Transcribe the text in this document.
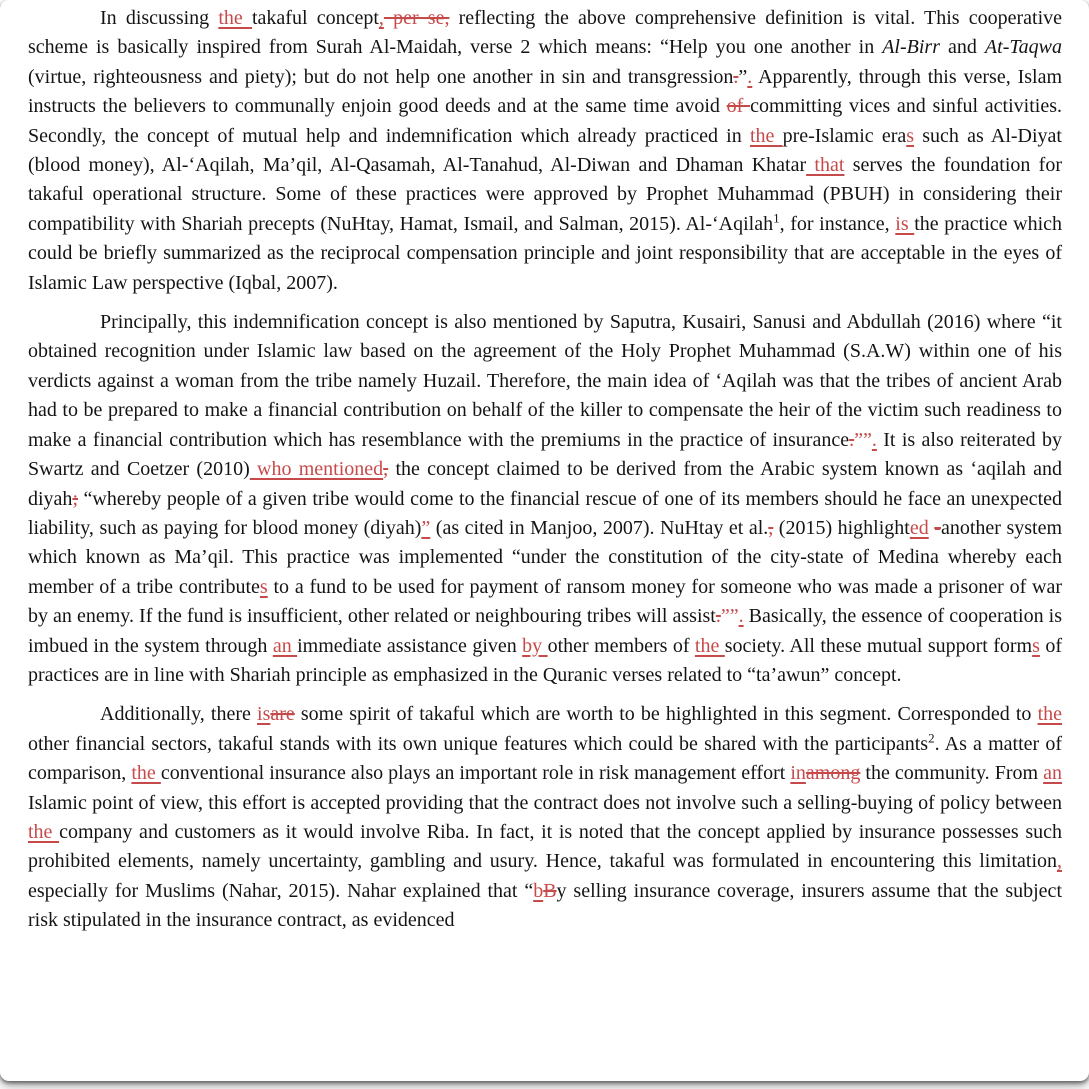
In discussing the takaful concept, per se, reflecting the above comprehensive definition is vital. This cooperative scheme is basically inspired from Surah Al-Maidah, verse 2 which means: “Help you one another in Al-Birr and At-Taqwa (virtue, righteousness and piety); but do not help one another in sin and transgression.”. Apparently, through this verse, Islam instructs the believers to communally enjoin good deeds and at the same time avoid of committing vices and sinful activities. Secondly, the concept of mutual help and indemnification which already practiced in the pre-Islamic eras such as Al-Diyat (blood money), Al-‘Aqilah, Ma’qil, Al-Qasamah, Al-Tanahud, Al-Diwan and Dhaman Khatar that serves the foundation for takaful operational structure. Some of these practices were approved by Prophet Muhammad (PBUH) in considering their compatibility with Shariah precepts (NuHtay, Hamat, Ismail, and Salman, 2015). Al-‘Aqilah$^1$, for instance, is the practice which could be briefly summarized as the reciprocal compensation principle and joint responsibility that are acceptable in the eyes of Islamic Law perspective (Iqbal, 2007).

Principally, this indemnification concept is also mentioned by Saputra, Kusairi, Sanusi and Abdullah (2016) where “it obtained recognition under Islamic law based on the agreement of the Holy Prophet Muhammad (S.A.W) within one of his verdicts against a woman from the tribe namely Huzail. Therefore, the main idea of ‘Aqilah was that the tribes of ancient Arab had to be prepared to make a financial contribution on behalf of the killer to compensate the heir of the victim such readiness to make a financial contribution which has resemblance with the premiums in the practice of insurance.””. It is also reiterated by Swartz and Coetzer (2010) who mentioned, the concept claimed to be derived from the Arabic system known as ‘aqilah and diyah; “whereby people of a given tribe would come to the financial rescue of one of its members should he face an unexpected liability, such as paying for blood money (diyah)” (as cited in Manjoo, 2007). NuHtay et al., (2015) highlighted -another system which known as Ma’qil. This practice was implemented “under the constitution of the city-state of Medina whereby each member of a tribe contributes to a fund to be used for payment of ransom money for someone who was made a prisoner of war by an enemy. If the fund is insufficient, other related or neighbouring tribes will assist.””. Basically, the essence of cooperation is imbued in the system through an immediate assistance given by other members of the society. All these mutual support forms of practices are in line with Shariah principle as emphasized in the Quranic verses related to “ta’awun” concept.

Additionally, there isare some spirit of takaful which are worth to be highlighted in this segment. Corresponded to the other financial sectors, takaful stands with its own unique features which could be shared with the participants$^2$. As a matter of comparison, the conventional insurance also plays an important role in risk management effort inamong the community. From an Islamic point of view, this effort is accepted providing that the contract does not involve such a selling-buying of policy between the company and customers as it would involve Riba. In fact, it is noted that the concept applied by insurance possesses such prohibited elements, namely uncertainty, gambling and usury. Hence, takaful was formulated in encountering this limitation, especially for Muslims (Nahar, 2015). Nahar explained that “bBy selling insurance coverage, insurers assume that the subject risk stipulated in the insurance contract, as evidenced
